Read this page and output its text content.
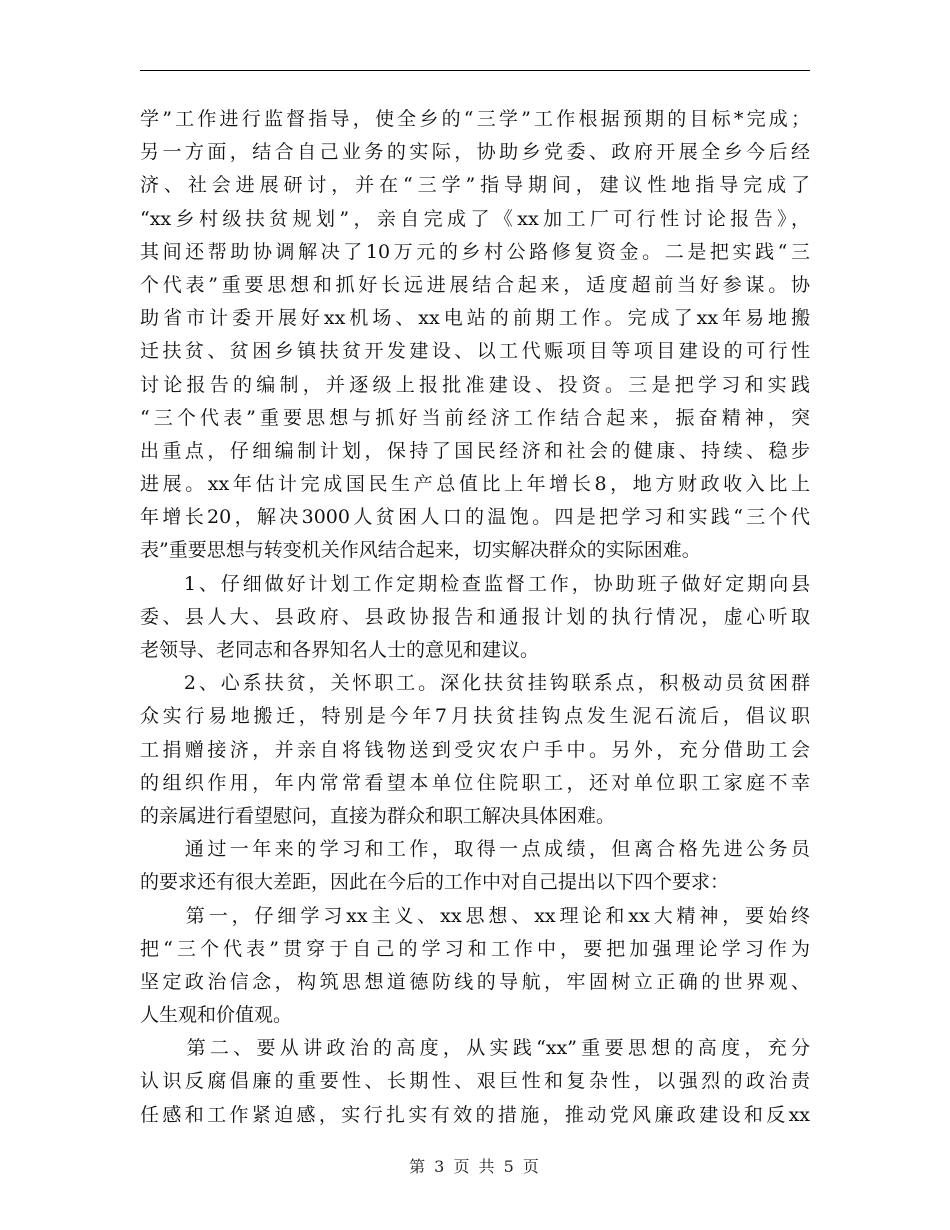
学”工作进行监督指导，使全乡的“三学”工作根据预期的目标*完成；
另一方面，结合自己业务的实际，协助乡党委、政府开展全乡今后经
济、社会进展研讨，并在“三学”指导期间，建议性地指导完成了
“xx乡村级扶贫规划”，亲自完成了《xx加工厂可行性讨论报告》，
其间还帮助协调解决了10万元的乡村公路修复资金。二是把实践“三
个代表”重要思想和抓好长远进展结合起来，适度超前当好参谋。协
助省市计委开展好xx机场、xx电站的前期工作。完成了xx年易地搬
迁扶贫、贫困乡镇扶贫开发建设、以工代赈项目等项目建设的可行性
讨论报告的编制，并逐级上报批准建设、投资。三是把学习和实践
“三个代表”重要思想与抓好当前经济工作结合起来，振奋精神，突
出重点，仔细编制计划，保持了国民经济和社会的健康、持续、稳步
进展。xx年估计完成国民生产总值比上年增长8，地方财政收入比上
年增长20，解决3000人贫困人口的温饱。四是把学习和实践“三个代
表”重要思想与转变机关作风结合起来，切实解决群众的实际困难。
　　1、仔细做好计划工作定期检查监督工作，协助班子做好定期向县
委、县人大、县政府、县政协报告和通报计划的执行情况，虚心听取
老领导、老同志和各界知名人士的意见和建议。
　　2、心系扶贫，关怀职工。深化扶贫挂钩联系点，积极动员贫困群
众实行易地搬迁，特别是今年7月扶贫挂钩点发生泥石流后，倡议职
工捐赠接济，并亲自将钱物送到受灾农户手中。另外，充分借助工会
的组织作用，年内常常看望本单位住院职工，还对单位职工家庭不幸
的亲属进行看望慰问，直接为群众和职工解决具体困难。
　　通过一年来的学习和工作，取得一点成绩，但离合格先进公务员
的要求还有很大差距，因此在今后的工作中对自己提出以下四个要求：
　　第一，仔细学习xx主义、xx思想、xx理论和xx大精神，要始终
把“三个代表”贯穿于自己的学习和工作中，要把加强理论学习作为
坚定政治信念，构筑思想道德防线的导航，牢固树立正确的世界观、
人生观和价值观。
　　第二、要从讲政治的高度，从实践“xx”重要思想的高度，充分
认识反腐倡廉的重要性、长期性、艰巨性和复杂性，以强烈的政治责
任感和工作紧迫感，实行扎实有效的措施，推动党风廉政建设和反xx
第 3 页 共 5 页
